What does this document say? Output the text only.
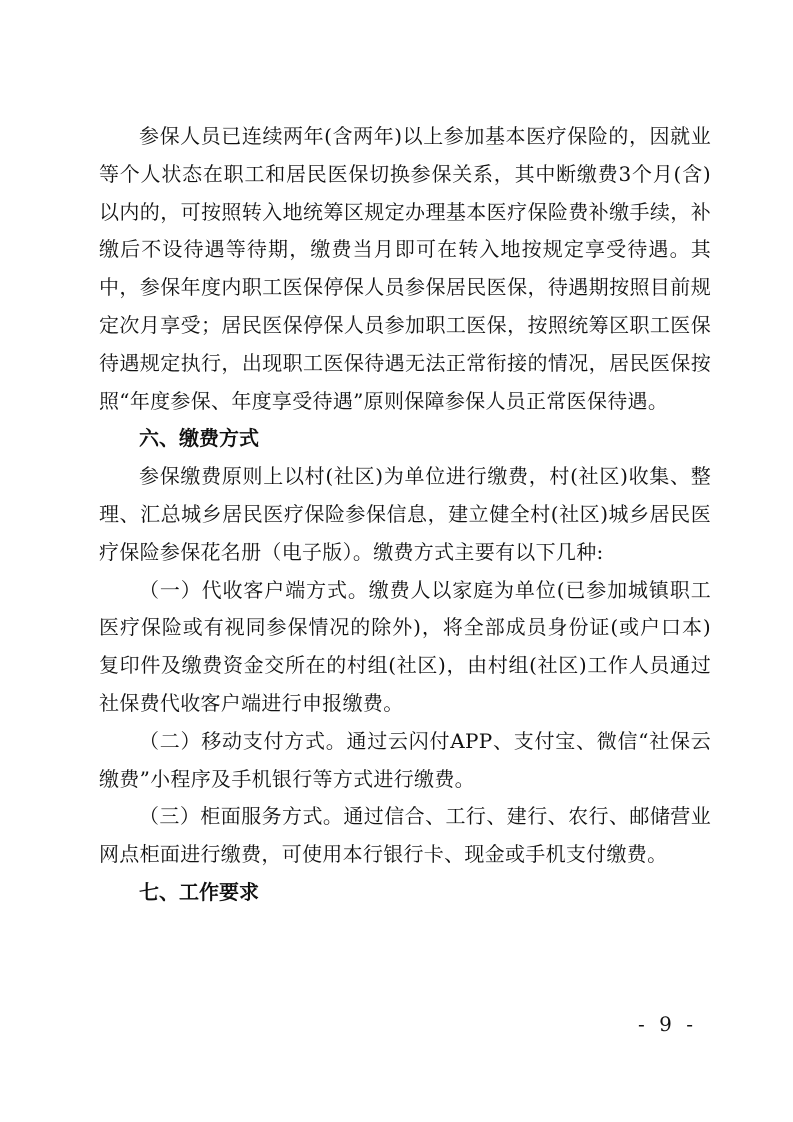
参保人员已连续两年(含两年)以上参加基本医疗保险的，因就业等个人状态在职工和居民医保切换参保关系，其中断缴费3个月(含)以内的，可按照转入地统筹区规定办理基本医疗保险费补缴手续，补缴后不设待遇等待期，缴费当月即可在转入地按规定享受待遇。其中，参保年度内职工医保停保人员参保居民医保，待遇期按照目前规定次月享受；居民医保停保人员参加职工医保，按照统筹区职工医保待遇规定执行，出现职工医保待遇无法正常衔接的情况，居民医保按照“年度参保、年度享受待遇”原则保障参保人员正常医保待遇。

六、缴费方式

参保缴费原则上以村(社区)为单位进行缴费，村(社区)收集、整理、汇总城乡居民医疗保险参保信息，建立健全村(社区)城乡居民医疗保险参保花名册（电子版）。缴费方式主要有以下几种:

（一）代收客户端方式。缴费人以家庭为单位(已参加城镇职工医疗保险或有视同参保情况的除外)，将全部成员身份证(或户口本)复印件及缴费资金交所在的村组(社区)，由村组(社区)工作人员通过社保费代收客户端进行申报缴费。

（二）移动支付方式。通过云闪付APP、支付宝、微信“社保云缴费”小程序及手机银行等方式进行缴费。

（三）柜面服务方式。通过信合、工行、建行、农行、邮储营业网点柜面进行缴费，可使用本行银行卡、现金或手机支付缴费。

七、工作要求

- 9 -
